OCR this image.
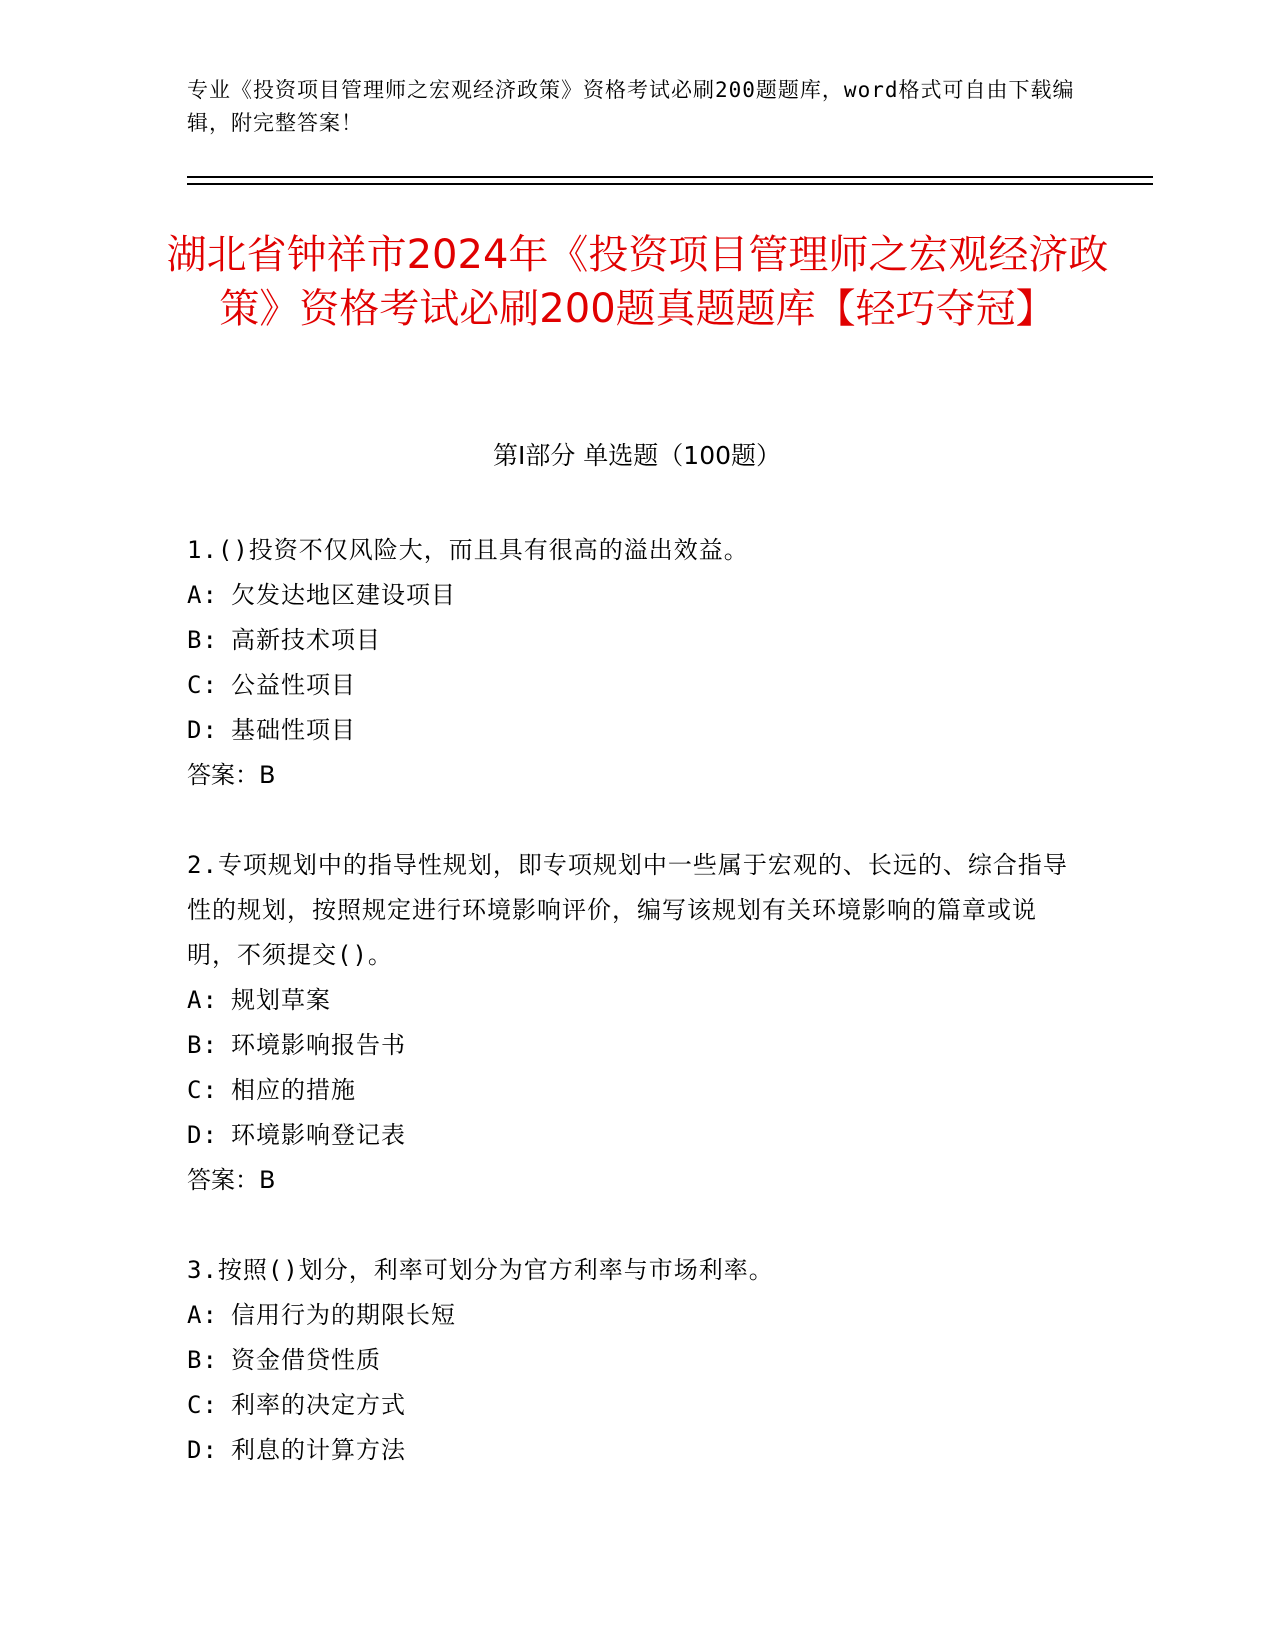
专业《投资项目管理师之宏观经济政策》资格考试必刷200题题库，word格式可自由下载编辑，附完整答案！
湖北省钟祥市2024年《投资项目管理师之宏观经济政策》资格考试必刷200题真题题库【轻巧夺冠】
第I部分 单选题（100题）

1.()投资不仅风险大，而且具有很高的溢出效益。

A: 欠发达地区建设项目

B: 高新技术项目

C: 公益性项目

D: 基础性项目

答案：B

2.专项规划中的指导性规划，即专项规划中一些属于宏观的、长远的、综合指导性的规划，按照规定进行环境影响评价，编写该规划有关环境影响的篇章或说明，不须提交()。

A: 规划草案

B: 环境影响报告书

C: 相应的措施

D: 环境影响登记表

答案：B

3.按照()划分，利率可划分为官方利率与市场利率。

A: 信用行为的期限长短

B: 资金借贷性质

C: 利率的决定方式

D: 利息的计算方法
